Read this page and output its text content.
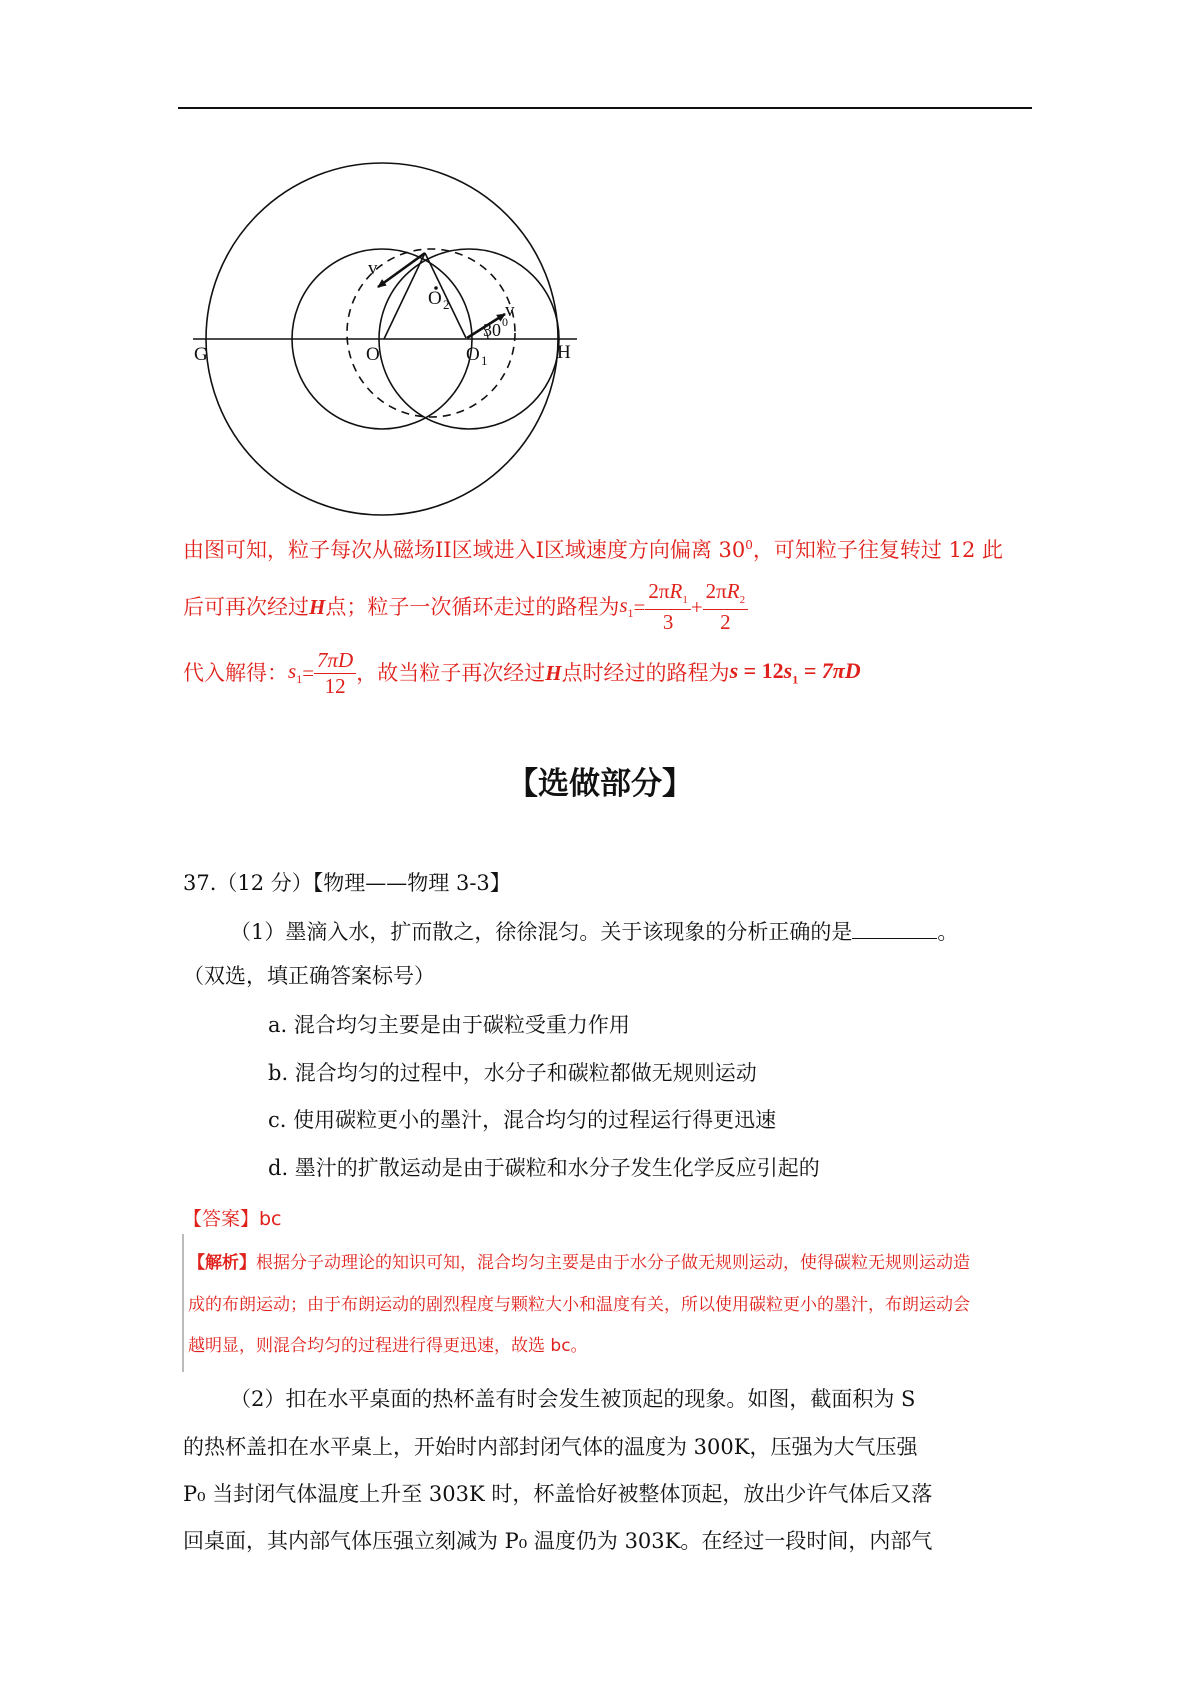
G	O	O 1	H
O 2
v
v
30 0
由图可知，粒子每次从磁场II区域进入I区域速度方向偏离 $30^0$，可知粒子往复转过 12 此
后可再次经过 H 点；粒子一次循环走过的路程为 $s_1 = \frac{2\pi R_1}{3} + \frac{2\pi R_2}{2}$
代入解得： $s_1 = \frac{7\pi D}{12}$ ，故当粒子再次经过 H 点时经过的路程为 $s = 12s_1 = 7\pi D$
【选做部分】
37.（12 分）【物理——物理 3-3】
（1）墨滴入水，扩而散之，徐徐混匀。关于该现象的分析正确的是	。
（双选，填正确答案标号）
a. 混合均匀主要是由于碳粒受重力作用
b. 混合均匀的过程中，水分子和碳粒都做无规则运动
c. 使用碳粒更小的墨汁，混合均匀的过程运行得更迅速
d. 墨汁的扩散运动是由于碳粒和水分子发生化学反应引起的
【答案】bc
【解析】根据分子动理论的知识可知，混合均匀主要是由于水分子做无规则运动，使得碳粒无规则运动造
成的布朗运动；由于布朗运动的剧烈程度与颗粒大小和温度有关，所以使用碳粒更小的墨汁，布朗运动会
越明显，则混合均匀的过程进行得更迅速，故选 bc。
（2）扣在水平桌面的热杯盖有时会发生被顶起的现象。如图，截面积为 S
的热杯盖扣在水平桌上，开始时内部封闭气体的温度为 300K，压强为大气压强
P₀ 当封闭气体温度上升至 303K 时，杯盖恰好被整体顶起，放出少许气体后又落
回桌面，其内部气体压强立刻减为 P₀ 温度仍为 303K。在经过一段时间，内部气
